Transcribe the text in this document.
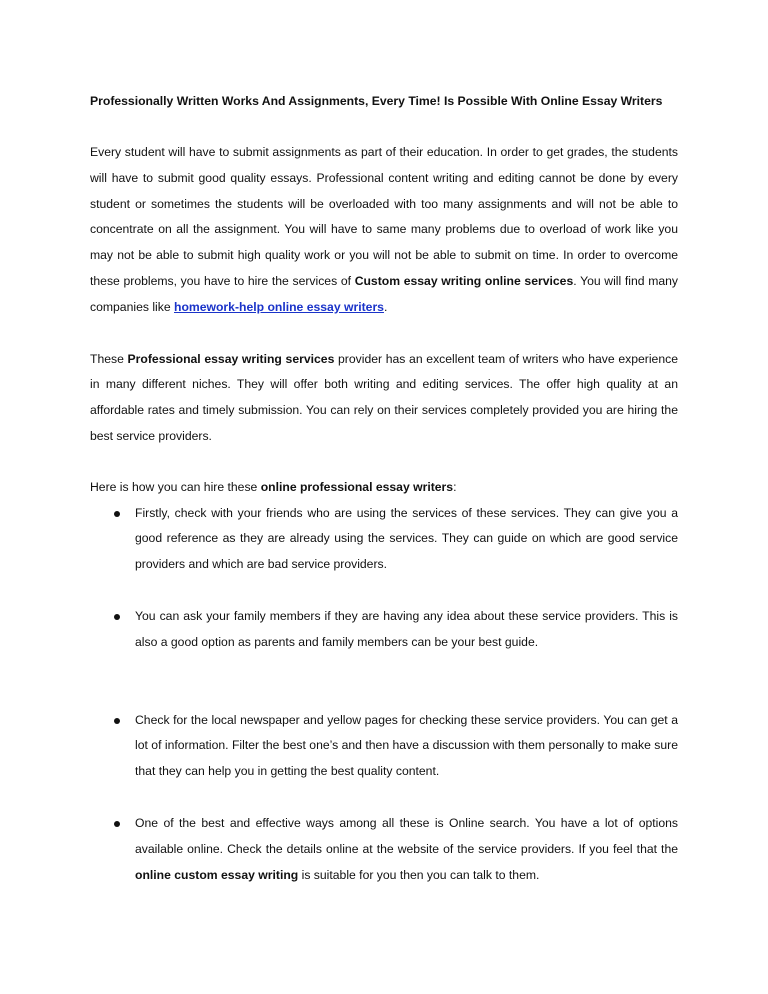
Professionally Written Works And Assignments, Every Time! Is Possible With Online Essay Writers

Every student will have to submit assignments as part of their education. In order to get grades, the students will have to submit good quality essays. Professional content writing and editing cannot be done by every student or sometimes the students will be overloaded with too many assignments and will not be able to concentrate on all the assignment. You will have to same many problems due to overload of work like you may not be able to submit high quality work or you will not be able to submit on time. In order to overcome these problems, you have to hire the services of Custom essay writing online services. You will find many companies like homework-help online essay writers.

These Professional essay writing services provider has an excellent team of writers who have experience in many different niches. They will offer both writing and editing services. The offer high quality at an affordable rates and timely submission. You can rely on their services completely provided you are hiring the best service providers.

Here is how you can hire these online professional essay writers:

Firstly, check with your friends who are using the services of these services. They can give you a good reference as they are already using the services. They can guide on which are good service providers and which are bad service providers.
You can ask your family members if they are having any idea about these service providers. This is also a good option as parents and family members can be your best guide.
Check for the local newspaper and yellow pages for checking these service providers. You can get a lot of information. Filter the best one’s and then have a discussion with them personally to make sure that they can help you in getting the best quality content.
One of the best and effective ways among all these is Online search. You have a lot of options available online. Check the details online at the website of the service providers. If you feel that the online custom essay writing is suitable for you then you can talk to them.
